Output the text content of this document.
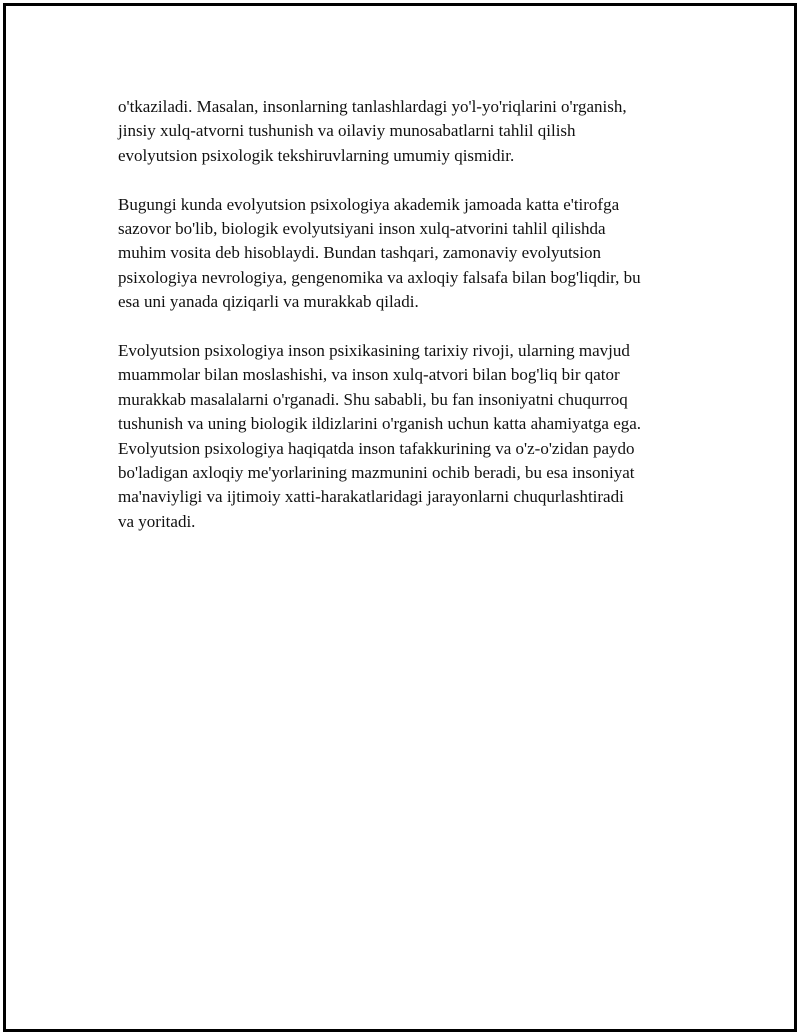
o'tkaziladi. Masalan, insonlarning tanlashlardagi yo'l-yo'riqlarini o'rganish,
jinsiy xulq-atvorni tushunish va oilaviy munosabatlarni tahlil qilish
evolyutsion psixologik tekshiruvlarning umumiy qismidir.

Bugungi kunda evolyutsion psixologiya akademik jamoada katta e'tirofga
sazovor bo'lib, biologik evolyutsiyani inson xulq-atvorini tahlil qilishda
muhim vosita deb hisoblaydi. Bundan tashqari, zamonaviy evolyutsion
psixologiya nevrologiya, gengenomika va axloqiy falsafa bilan bog'liqdir, bu
esa uni yanada qiziqarli va murakkab qiladi.

Evolyutsion psixologiya inson psixikasining tarixiy rivoji, ularning mavjud
muammolar bilan moslashishi, va inson xulq-atvori bilan bog'liq bir qator
murakkab masalalarni o'rganadi. Shu sababli, bu fan insoniyatni chuqurroq
tushunish va uning biologik ildizlarini o'rganish uchun katta ahamiyatga ega.
Evolyutsion psixologiya haqiqatda inson tafakkurining va o'z-o'zidan paydo
bo'ladigan axloqiy me'yorlarining mazmunini ochib beradi, bu esa insoniyat
ma'naviyligi va ijtimoiy xatti-harakatlaridagi jarayonlarni chuqurlashtiradi
va yoritadi.
